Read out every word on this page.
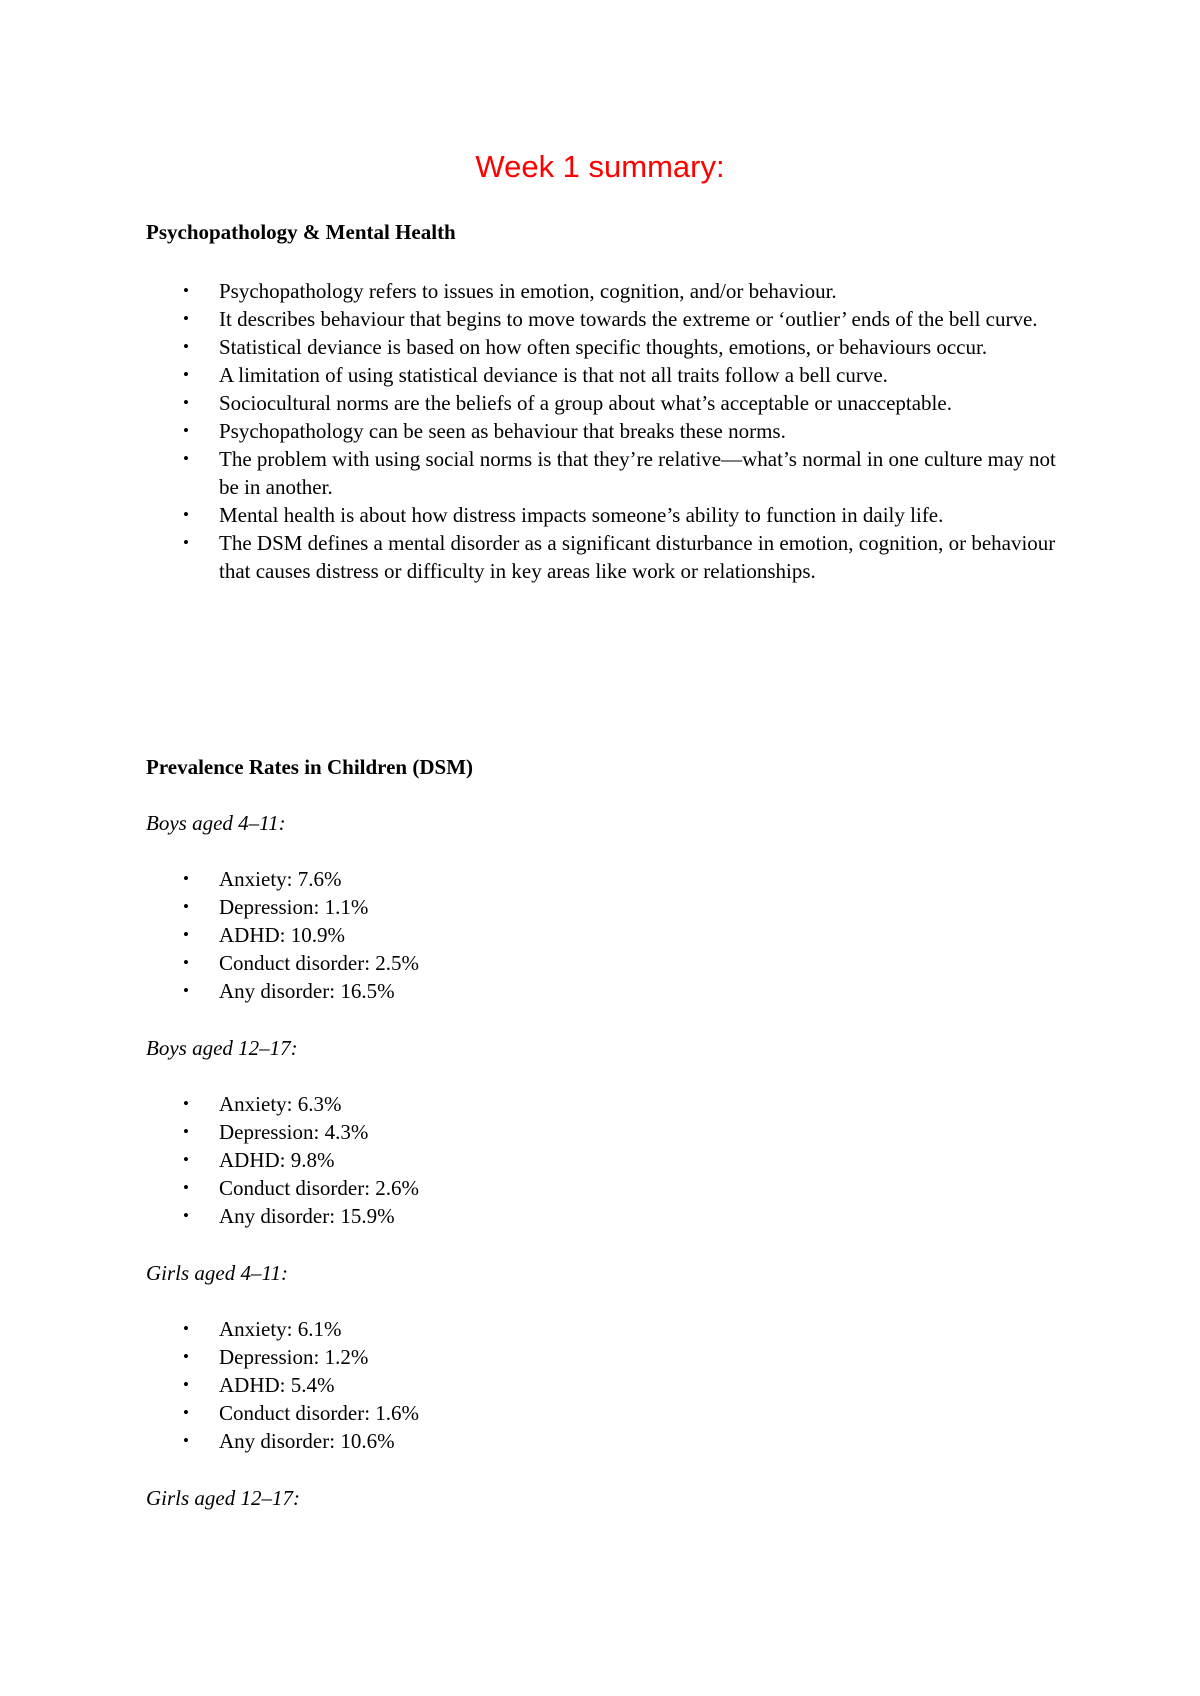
Week 1 summary:
Psychopathology & Mental Health
• Psychopathology refers to issues in emotion, cognition, and/or behaviour.
• It describes behaviour that begins to move towards the extreme or ‘outlier’ ends of the bell curve.
• Statistical deviance is based on how often specific thoughts, emotions, or behaviours occur.
• A limitation of using statistical deviance is that not all traits follow a bell curve.
• Sociocultural norms are the beliefs of a group about what’s acceptable or unacceptable.
• Psychopathology can be seen as behaviour that breaks these norms.
• The problem with using social norms is that they’re relative—what’s normal in one culture may not be in another.
• Mental health is about how distress impacts someone’s ability to function in daily life.
• The DSM defines a mental disorder as a significant disturbance in emotion, cognition, or behaviour that causes distress or difficulty in key areas like work or relationships.
Prevalence Rates in Children (DSM)
Boys aged 4–11:
• Anxiety: 7.6%
• Depression: 1.1%
• ADHD: 10.9%
• Conduct disorder: 2.5%
• Any disorder: 16.5%
Boys aged 12–17:
• Anxiety: 6.3%
• Depression: 4.3%
• ADHD: 9.8%
• Conduct disorder: 2.6%
• Any disorder: 15.9%
Girls aged 4–11:
• Anxiety: 6.1%
• Depression: 1.2%
• ADHD: 5.4%
• Conduct disorder: 1.6%
• Any disorder: 10.6%
Girls aged 12–17:
